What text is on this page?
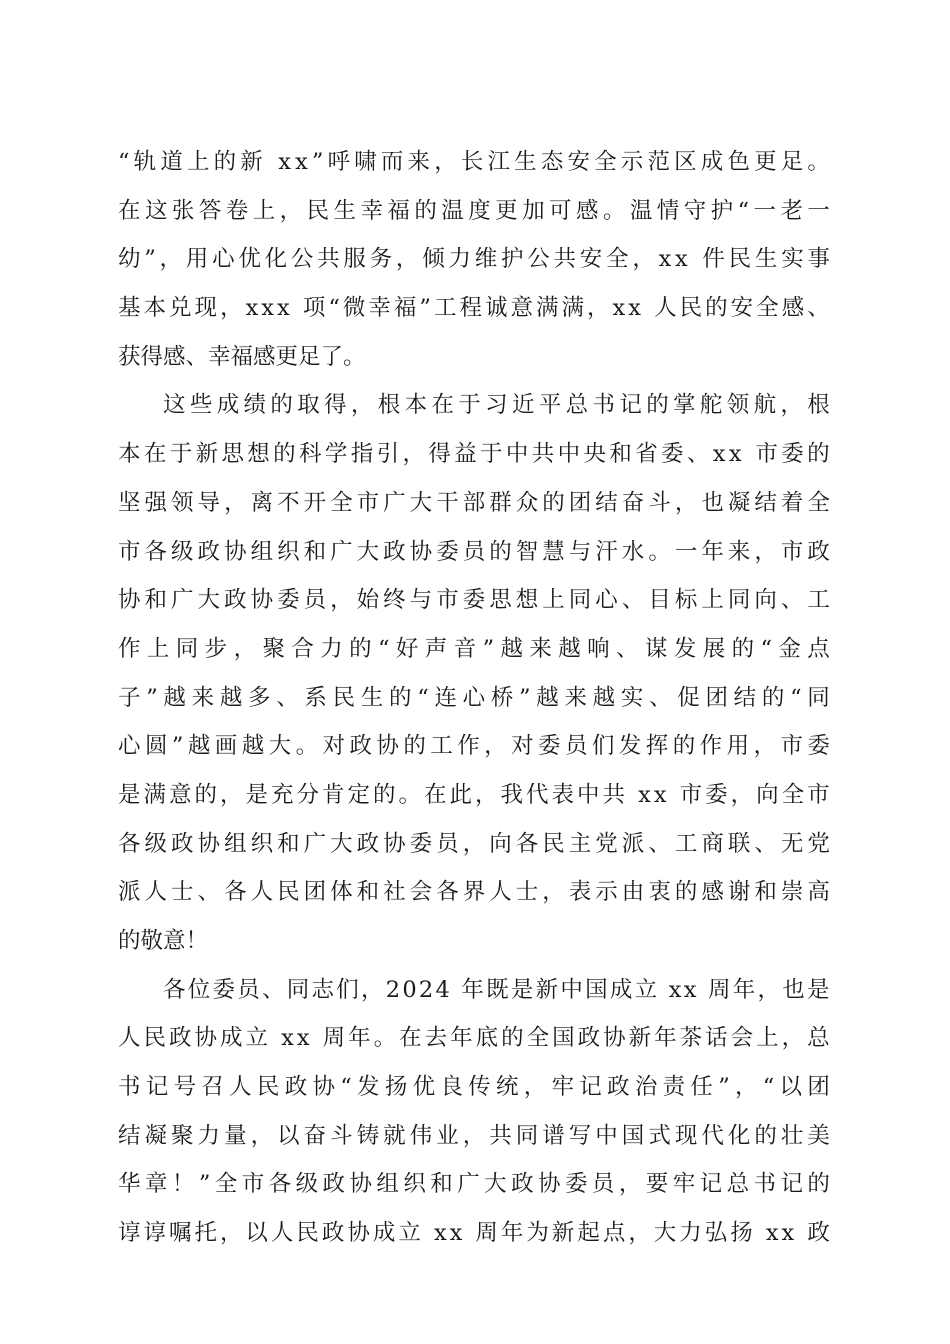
“ 轨 道 上 的 新
x x ” 呼 啸 而 来 ， 长 江 生 态 安 全 示 范 区 成 色 更 足 。
在 这 张 答 卷 上 ， 民 生 幸 福 的 温 度 更 加 可 感 。 温 情 守 护 “ 一 老 一
幼 ” ， 用 心 优 化 公 共 服 务 ， 倾 力 维 护 公 共 安 全 ， x x
件 民 生 实 事
基 本 兑 现 ， x x x
项 “ 微 幸 福 ” 工 程 诚 意 满 满 ， x x
人 民 的 安 全 感 、
获得感、幸福感更足了。
这 些 成 绩 的 取 得 ， 根 本 在 于 习 近 平 总 书 记 的 掌 舵 领 航 ， 根
本 在 于 新 思 想 的 科 学 指 引 ， 得 益 于 中 共 中 央 和 省 委 、 x x
市 委 的
坚 强 领 导 ， 离 不 开 全 市 广 大 干 部 群 众 的 团 结 奋 斗 ， 也 凝 结 着 全
市 各 级 政 协 组 织 和 广 大 政 协 委 员 的 智 慧 与 汗 水 。 一 年 来 ， 市 政
协 和 广 大 政 协 委 员 ， 始 终 与 市 委 思 想 上 同 心 、 目 标 上 同 向 、 工
作 上 同 步 ， 聚 合 力 的 “ 好 声 音 ” 越 来 越 响 、 谋 发 展 的 “ 金 点
子 ” 越 来 越 多 、 系 民 生 的 “ 连 心 桥 ” 越 来 越 实 、 促 团 结 的 “ 同
心 圆 ” 越 画 越 大 。 对 政 协 的 工 作 ， 对 委 员 们 发 挥 的 作 用 ， 市 委
是 满 意 的 ， 是 充 分 肯 定 的 。 在 此 ， 我 代 表 中 共
x x
市 委 ， 向 全 市
各 级 政 协 组 织 和 广 大 政 协 委 员 ， 向 各 民 主 党 派 、 工 商 联 、 无 党
派 人 士 、 各 人 民 团 体 和 社 会 各 界 人 士 ， 表 示 由 衷 的 感 谢 和 崇 高
的敬意！
各 位 委 员 、 同 志 们 ， 2 0 2 4
年 既 是 新 中 国 成 立
x x
周 年 ， 也 是
人 民 政 协 成 立
x x
周 年 。 在 去 年 底 的 全 国 政 协 新 年 茶 话 会 上 ， 总
书 记 号 召 人 民 政 协 “ 发 扬 优 良 传 统 ， 牢 记 政 治 责 任 ” ， “ 以 团
结 凝 聚 力 量 ， 以 奋 斗 铸 就 伟 业 ， 共 同 谱 写 中 国 式 现 代 化 的 壮 美
华 章 ！ ” 全 市 各 级 政 协 组 织 和 广 大 政 协 委 员 ， 要 牢 记 总 书 记 的
谆 谆 嘱 托 ， 以 人 民 政 协 成 立
x x
周 年 为 新 起 点 ， 大 力 弘 扬
x x
政
